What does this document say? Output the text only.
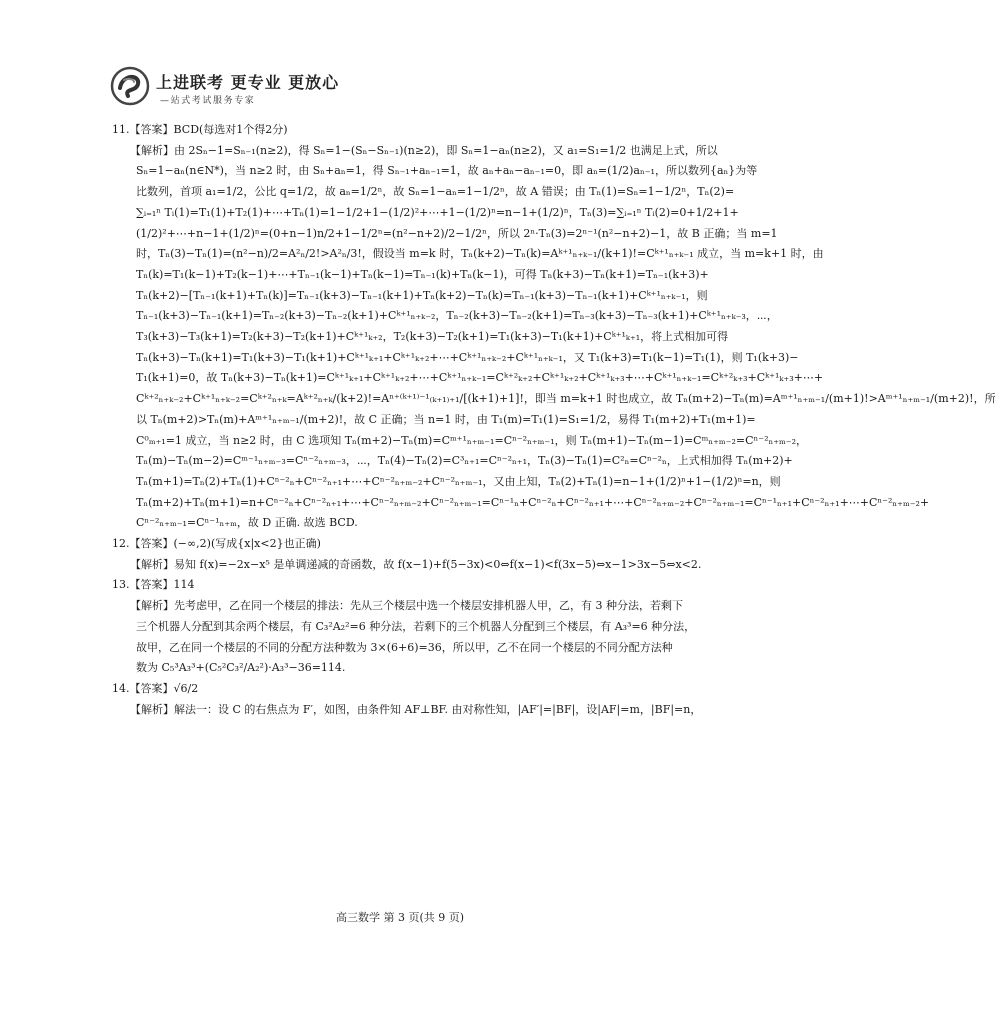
上进联考 更专业 更放心
—站式考试服务专家
11.【答案】BCD(每选对1个得2分)
【解析】由 2Sₙ−1=Sₙ₋₁(n≥2)，得 Sₙ=1−(Sₙ−Sₙ₋₁)(n≥2)，即 Sₙ=1−aₙ(n≥2)，又 a₁=S₁=1/2 也满足上式，所以
Sₙ=1−aₙ(n∈N*)，当 n≥2 时，由 Sₙ+aₙ=1，得 Sₙ₋₁+aₙ₋₁=1，故 aₙ+aₙ−aₙ₋₁=0，即 aₙ=(1/2)aₙ₋₁，所以数列{aₙ}为等
比数列，首项 a₁=1/2，公比 q=1/2，故 aₙ=1/2ⁿ，故 Sₙ=1−aₙ=1−1/2ⁿ，故 A 错误；由 Tₙ(1)=Sₙ=1−1/2ⁿ，Tₙ(2)=
∑ᵢ₌₁ⁿ Tᵢ(1)=T₁(1)+T₂(1)+⋯+Tₙ(1)=1−1/2+1−(1/2)²+⋯+1−(1/2)ⁿ=n−1+(1/2)ⁿ，Tₙ(3)=∑ᵢ₌₁ⁿ Tᵢ(2)=0+1/2+1+
(1/2)²+⋯+n−1+(1/2)ⁿ=(0+n−1)n/2+1−1/2ⁿ=(n²−n+2)/2−1/2ⁿ，所以 2ⁿ·Tₙ(3)=2ⁿ⁻¹(n²−n+2)−1，故 B 正确；当 m=1
时，Tₙ(3)−Tₙ(1)=(n²−n)/2=A²ₙ/2!>A²ₙ/3!，假设当 m=k 时，Tₙ(k+2)−Tₙ(k)=Aᵏ⁺¹ₙ₊ₖ₋₁/(k+1)!=Cᵏ⁺¹ₙ₊ₖ₋₁ 成立，当 m=k+1 时，由
Tₙ(k)=T₁(k−1)+T₂(k−1)+⋯+Tₙ₋₁(k−1)+Tₙ(k−1)=Tₙ₋₁(k)+Tₙ(k−1)，可得 Tₙ(k+3)−Tₙ(k+1)=Tₙ₋₁(k+3)+
Tₙ(k+2)−[Tₙ₋₁(k+1)+Tₙ(k)]=Tₙ₋₁(k+3)−Tₙ₋₁(k+1)+Tₙ(k+2)−Tₙ(k)=Tₙ₋₁(k+3)−Tₙ₋₁(k+1)+Cᵏ⁺¹ₙ₊ₖ₋₁，则
Tₙ₋₁(k+3)−Tₙ₋₁(k+1)=Tₙ₋₂(k+3)−Tₙ₋₂(k+1)+Cᵏ⁺¹ₙ₊ₖ₋₂，Tₙ₋₂(k+3)−Tₙ₋₂(k+1)=Tₙ₋₃(k+3)−Tₙ₋₃(k+1)+Cᵏ⁺¹ₙ₊ₖ₋₃，⋯，
T₃(k+3)−T₃(k+1)=T₂(k+3)−T₂(k+1)+Cᵏ⁺¹ₖ₊₂，T₂(k+3)−T₂(k+1)=T₁(k+3)−T₁(k+1)+Cᵏ⁺¹ₖ₊₁，将上式相加可得
Tₙ(k+3)−Tₙ(k+1)=T₁(k+3)−T₁(k+1)+Cᵏ⁺¹ₖ₊₁+Cᵏ⁺¹ₖ₊₂+⋯+Cᵏ⁺¹ₙ₊ₖ₋₂+Cᵏ⁺¹ₙ₊ₖ₋₁，又 T₁(k+3)=T₁(k−1)=T₁(1)，则 T₁(k+3)−
T₁(k+1)=0，故 Tₙ(k+3)−Tₙ(k+1)=Cᵏ⁺¹ₖ₊₁+Cᵏ⁺¹ₖ₊₂+⋯+Cᵏ⁺¹ₙ₊ₖ₋₁=Cᵏ⁺²ₖ₊₂+Cᵏ⁺¹ₖ₊₂+Cᵏ⁺¹ₖ₊₃+⋯+Cᵏ⁺¹ₙ₊ₖ₋₁=Cᵏ⁺²ₖ₊₃+Cᵏ⁺¹ₖ₊₃+⋯+
Cᵏ⁺²ₙ₊ₖ₋₂+Cᵏ⁺¹ₙ₊ₖ₋₂=Cᵏ⁺²ₙ₊ₖ=Aᵏ⁺²ₙ₊ₖ/(k+2)!=Aⁿ⁺⁽ᵏ⁺¹⁾⁻¹₍ₖ₊₁₎₊₁/[(k+1)+1]!，即当 m=k+1 时也成立，故 Tₙ(m+2)−Tₙ(m)=Aᵐ⁺¹ₙ₊ₘ₋₁/(m+1)!>Aᵐ⁺¹ₙ₊ₘ₋₁/(m+2)!，所
以 Tₙ(m+2)>Tₙ(m)+Aᵐ⁺¹ₙ₊ₘ₋₁/(m+2)!，故 C 正确；当 n=1 时，由 T₁(m)=T₁(1)=S₁=1/2，易得 T₁(m+2)+T₁(m+1)=
C⁰ₘ₊₁=1 成立，当 n≥2 时，由 C 选项知 Tₙ(m+2)−Tₙ(m)=Cᵐ⁺¹ₙ₊ₘ₋₁=Cⁿ⁻²ₙ₊ₘ₋₁，则 Tₙ(m+1)−Tₙ(m−1)=Cᵐₙ₊ₘ₋₂=Cⁿ⁻²ₙ₊ₘ₋₂，
Tₙ(m)−Tₙ(m−2)=Cᵐ⁻¹ₙ₊ₘ₋₃=Cⁿ⁻²ₙ₊ₘ₋₃，⋯，Tₙ(4)−Tₙ(2)=C³ₙ₊₁=Cⁿ⁻²ₙ₊₁，Tₙ(3)−Tₙ(1)=C²ₙ=Cⁿ⁻²ₙ，上式相加得 Tₙ(m+2)+
Tₙ(m+1)=Tₙ(2)+Tₙ(1)+Cⁿ⁻²ₙ+Cⁿ⁻²ₙ₊₁+⋯+Cⁿ⁻²ₙ₊ₘ₋₂+Cⁿ⁻²ₙ₊ₘ₋₁，又由上知，Tₙ(2)+Tₙ(1)=n−1+(1/2)ⁿ+1−(1/2)ⁿ=n，则
Tₙ(m+2)+Tₙ(m+1)=n+Cⁿ⁻²ₙ+Cⁿ⁻²ₙ₊₁+⋯+Cⁿ⁻²ₙ₊ₘ₋₂+Cⁿ⁻²ₙ₊ₘ₋₁=Cⁿ⁻¹ₙ+Cⁿ⁻²ₙ+Cⁿ⁻²ₙ₊₁+⋯+Cⁿ⁻²ₙ₊ₘ₋₂+Cⁿ⁻²ₙ₊ₘ₋₁=Cⁿ⁻¹ₙ₊₁+Cⁿ⁻²ₙ₊₁+⋯+Cⁿ⁻²ₙ₊ₘ₋₂+
Cⁿ⁻²ₙ₊ₘ₋₁=Cⁿ⁻¹ₙ₊ₘ，故 D 正确. 故选 BCD.
12.【答案】(−∞,2)(写成{x|x<2}也正确)
【解析】易知 f(x)=−2x−x⁵ 是单调递减的奇函数，故 f(x−1)+f(5−3x)<0⇔f(x−1)<f(3x−5)⇔x−1>3x−5⇔x<2.
13.【答案】114
【解析】先考虑甲，乙在同一个楼层的排法：先从三个楼层中选一个楼层安排机器人甲，乙，有 3 种分法，若剩下
三个机器人分配到其余两个楼层，有 C₃²A₂²=6 种分法，若剩下的三个机器人分配到三个楼层，有 A₃³=6 种分法，
故甲，乙在同一个楼层的不同的分配方法种数为 3×(6+6)=36，所以甲，乙不在同一个楼层的不同分配方法种
数为 C₅³A₃³+(C₅²C₃²/A₂²)·A₃³−36=114.
14.【答案】√6/2
【解析】解法一：设 C 的右焦点为 F′，如图，由条件知 AF⊥BF. 由对称性知，|AF′|=|BF|，设|AF|=m，|BF|=n，
高三数学 第 3 页(共 9 页)
